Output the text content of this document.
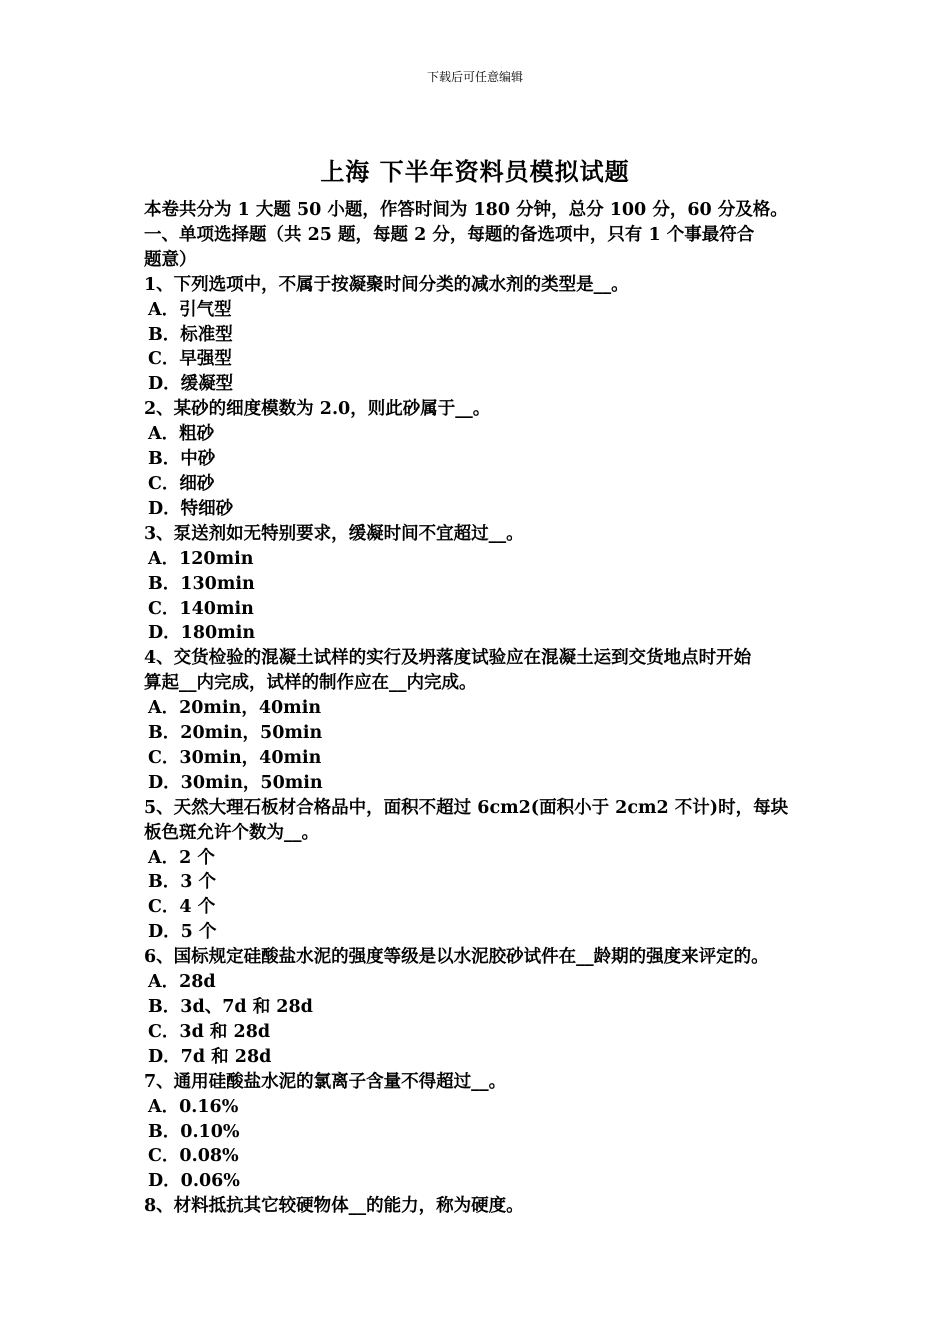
下载后可任意编辑
上海 下半年资料员模拟试题
本卷共分为 1 大题 50 小题，作答时间为 180 分钟，总分 100 分，60 分及格。
一、单项选择题（共 25 题，每题 2 分，每题的备选项中，只有 1 个事最符合
题意）
1、下列选项中，不属于按凝聚时间分类的减水剂的类型是__。
A．引气型
B．标准型
C．早强型
D．缓凝型
2、某砂的细度模数为 2.0，则此砂属于__。
A．粗砂
B．中砂
C．细砂
D．特细砂
3、泵送剂如无特别要求，缓凝时间不宜超过__。
A．120min
B．130min
C．140min
D．180min
4、交货检验的混凝土试样的实行及坍落度试验应在混凝土运到交货地点时开始
算起__内完成，试样的制作应在__内完成。
A．20min，40min
B．20min，50min
C．30min，40min
D．30min，50min
5、天然大理石板材合格品中，面积不超过 6cm2(面积小于 2cm2 不计)时，每块
板色斑允许个数为__。
A．2 个
B．3 个
C．4 个
D．5 个
6、国标规定硅酸盐水泥的强度等级是以水泥胶砂试件在__龄期的强度来评定的。
A．28d
B．3d、7d 和 28d
C．3d 和 28d
D．7d 和 28d
7、通用硅酸盐水泥的氯离子含量不得超过__。
A．0.16%
B．0.10%
C．0.08%
D．0.06%
8、材料抵抗其它较硬物体__的能力，称为硬度。
